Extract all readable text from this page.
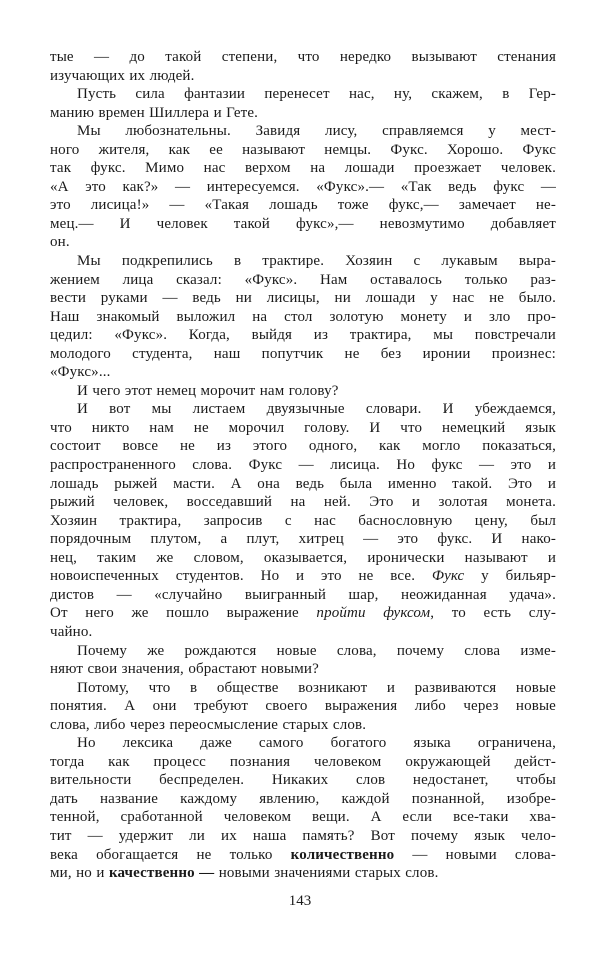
тые — до такой степени, что нередко вызывают стенания
изучающих их людей.
Пусть сила фантазии перенесет нас, ну, скажем, в Гер-
манию времен Шиллера и Гете.
Мы любознательны. Завидя лису, справляемся у мест-
ного жителя, как ее называют немцы. Фукс. Хорошо. Фукс
так фукс. Мимо нас верхом на лошади проезжает человек.
«А это как?» — интересуемся. «Фукс».— «Так ведь фукс —
это лисица!» — «Такая лошадь тоже фукс,— замечает не-
мец.— И человек такой фукс»,— невозмутимо добавляет
он.
Мы подкрепились в трактире. Хозяин с лукавым выра-
жением лица сказал: «Фукс». Нам оставалось только раз-
вести руками — ведь ни лисицы, ни лошади у нас не было.
Наш знакомый выложил на стол золотую монету и зло про-
цедил: «Фукс». Когда, выйдя из трактира, мы повстречали
молодого студента, наш попутчик не без иронии произнес:
«Фукс»...
И чего этот немец морочит нам голову?
И вот мы листаем двуязычные словари. И убеждаемся,
что никто нам не морочил голову. И что немецкий язык
состоит вовсе не из этого одного, как могло показаться,
распространенного слова. Фукс — лисица. Но фукс — это и
лошадь рыжей масти. А она ведь была именно такой. Это и
рыжий человек, восседавший на ней. Это и золотая монета.
Хозяин трактира, запросив с нас баснословную цену, был
порядочным плутом, а плут, хитрец — это фукс. И нако-
нец, таким же словом, оказывается, иронически называют и
новоиспеченных студентов. Но и это не все. Фукс у бильяр-
дистов — «случайно выигранный шар, неожиданная удача».
От него же пошло выражение пройти фуксом, то есть слу-
чайно.
Почему же рождаются новые слова, почему слова изме-
няют свои значения, обрастают новыми?
Потому, что в обществе возникают и развиваются новые
понятия. А они требуют своего выражения либо через новые
слова, либо через переосмысление старых слов.
Но лексика даже самого богатого языка ограничена,
тогда как процесс познания человеком окружающей дейст-
вительности беспределен. Никаких слов недостанет, чтобы
дать название каждому явлению, каждой познанной, изобре-
тенной, сработанной человеком вещи. А если все-таки хва-
тит — удержит ли их наша память? Вот почему язык чело-
века обогащается не только количественно — новыми слова-
ми, но и качественно — новыми значениями старых слов.
143
